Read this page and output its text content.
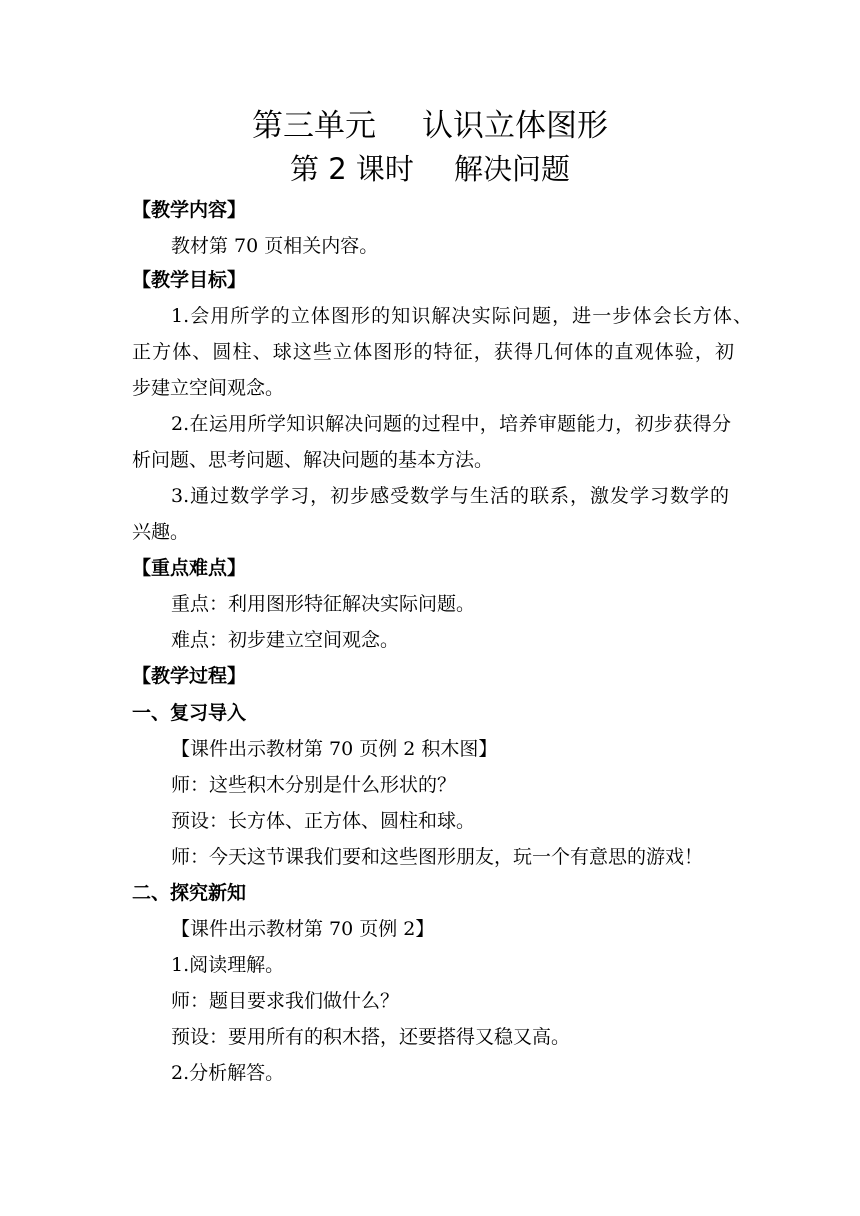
第三单元 认识立体图形
第 2 课时 解决问题
【教学内容】
教材第 70 页相关内容。
【教学目标】
1.会用所学的立体图形的知识解决实际问题，进一步体会长方体、
正方体、圆柱、球这些立体图形的特征，获得几何体的直观体验，初
步建立空间观念。
2.在运用所学知识解决问题的过程中，培养审题能力，初步获得分
析问题、思考问题、解决问题的基本方法。
3.通过数学学习，初步感受数学与生活的联系，激发学习数学的
兴趣。
【重点难点】
重点：利用图形特征解决实际问题。
难点：初步建立空间观念。
【教学过程】
一、复习导入
【课件出示教材第 70 页例 2 积木图】
师：这些积木分别是什么形状的？
预设：长方体、正方体、圆柱和球。
师：今天这节课我们要和这些图形朋友，玩一个有意思的游戏！
二、探究新知
【课件出示教材第 70 页例 2】
1.阅读理解。
师：题目要求我们做什么？
预设：要用所有的积木搭，还要搭得又稳又高。
2.分析解答。
